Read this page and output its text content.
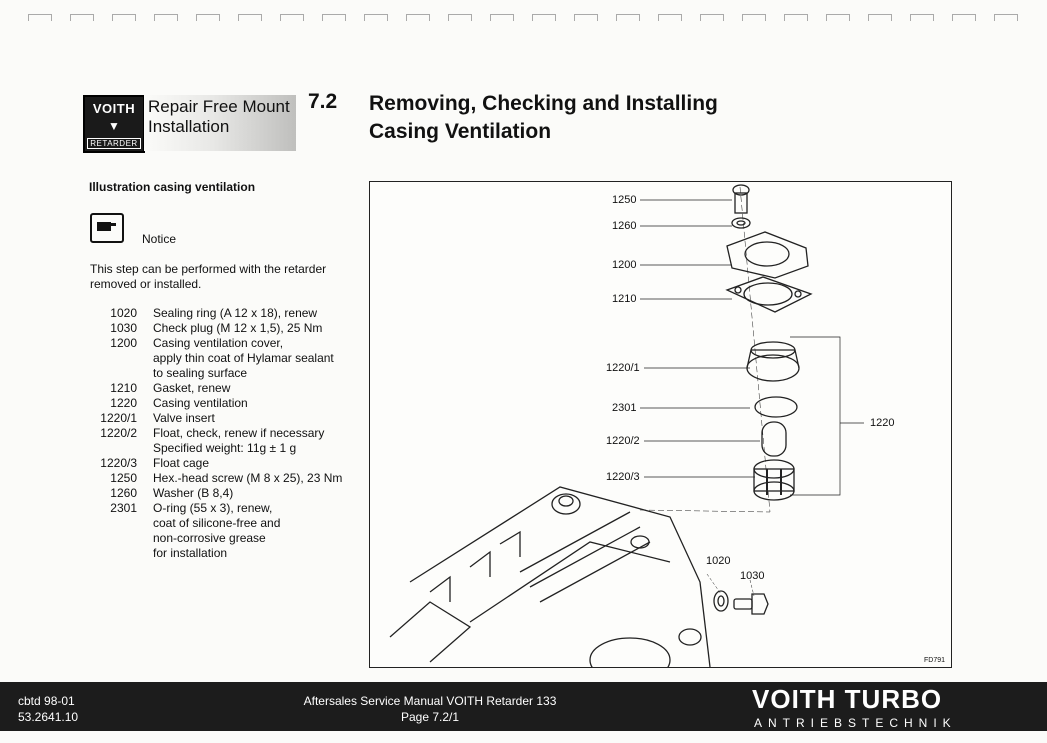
VOITH
▼
RETARDER
Repair Free Mount
Installation
7.2 Removing, Checking and Installing
Casing Ventilation
Illustration casing ventilation
Notice
This step can be performed with the retarder
removed or installed.
1020 Sealing ring (A 12 x 18), renew
1030 Check plug (M 12 x 1,5), 25 Nm
1200 Casing ventilation cover,
apply thin coat of Hylamar sealant
to sealing surface
1210 Gasket, renew
1220 Casing ventilation
1220/1 Valve insert
1220/2 Float, check, renew if necessary
Specified weight: 11g ± 1 g
1220/3 Float cage
1250 Hex.-head screw (M 8 x 25), 23 Nm
1260 Washer (B 8,4)
2301 O-ring (55 x 3), renew,
coat of silicone-free and
non-corrosive grease
for installation
1250
1260
1200
1210
1220/1
2301
1220/2
1220/3
1220
1020
1030
FD791
cbtd 98-01
53.2641.10
Aftersales Service Manual VOITH Retarder 133
Page 7.2/1
VOITH TURBO
ANTRIEBSTECHNIK
